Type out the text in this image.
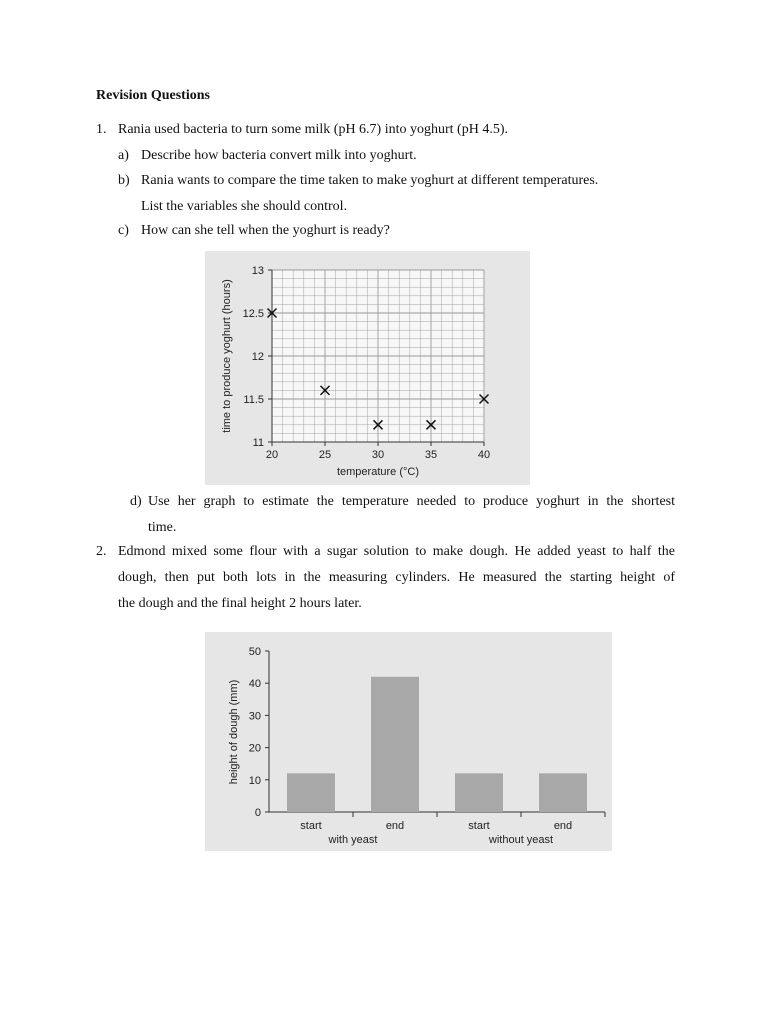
Revision Questions
1. Rania used bacteria to turn some milk (pH 6.7) into yoghurt (pH 4.5).
a) Describe how bacteria convert milk into yoghurt.
b) Rania wants to compare the time taken to make yoghurt at different temperatures.
List the variables she should control.
c) How can she tell when the yoghurt is ready?
20	25	30	35	40
11
11.5
12
12.5
13
temperature (°C)
time to produce yoghurt (hours)
d) Use her graph to estimate the temperature needed to produce yoghurt in the shortest
time.
2. Edmond mixed some flour with a sugar solution to make dough. He added yeast to half the
dough, then put both lots in the measuring cylinders. He measured the starting height of
the dough and the final height 2 hours later.
0
10
20
30
40
50
start	end	start	end
with yeast	without yeast
height of dough (mm)
